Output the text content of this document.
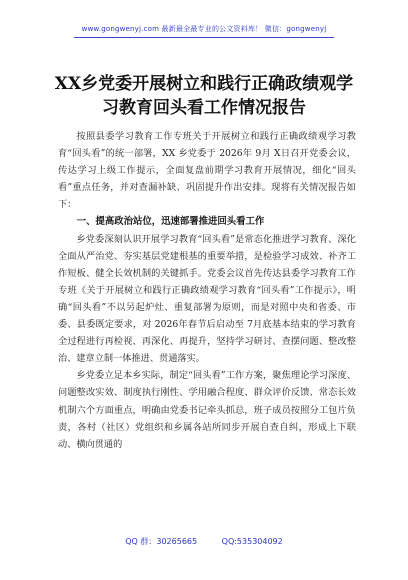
www.gongwenyj.com 最新最全最专业的公文资料库！ 微信：gongwenyj
XX乡党委开展树立和践行正确政绩观学
习教育回头看工作情况报告

按照县委学习教育工作专班关于开展树立和践行正确政绩观学习教育“回头看”的统一部署，XX 乡党委于 2026年 9月 X日召开党委会议，传达学习上级工作提示，全面复盘前期学习教育开展情况，细化“回头看”重点任务，并对查漏补缺、巩固提升作出安排。现将有关情况报告如下：

一、提高政治站位，迅速部署推进回头看工作

乡党委深刻认识开展学习教育“回头看”是常态化推进学习教育、深化全面从严治党、夯实基层党建根基的重要举措，是检验学习成效、补齐工作短板、健全长效机制的关键抓手。党委会议首先传达县委学习教育工作专班《关于开展树立和践行正确政绩观学习教育“回头看”工作提示》，明确“回头看”不以另起炉灶、重复部署为原则，而是对照中央和省委、市委、县委既定要求，对 2026年春节后启动至 7月底基本结束的学习教育全过程进行再检视、再深化、再提升，坚持学习研讨、查摆问题、整改整治、建章立制一体推进、贯通落实。

乡党委立足本乡实际，制定“回头看”工作方案，聚焦理论学习深度、问题整改实效、制度执行刚性、学用融合程度、群众评价反馈、常态长效机制六个方面重点，明确由党委书记牵头抓总，班子成员按照分工包片负责，各村（社区）党组织和乡属各站所同步开展自查自纠，形成上下联动、横向贯通的

QQ 群：30265665	QQ:535304092
